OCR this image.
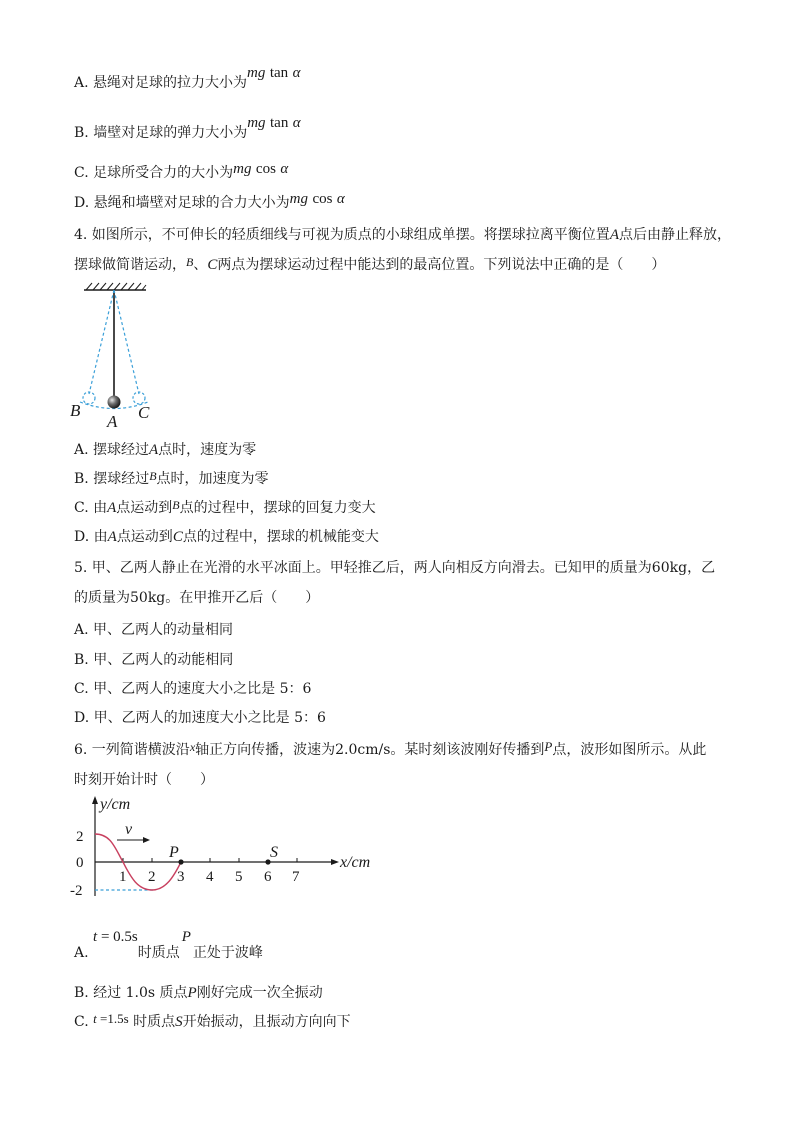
A. 悬绳对足球的拉力大小为mg tan α
B. 墙壁对足球的弹力大小为mg tan α
C. 足球所受合力的大小为mg cos α
D. 悬绳和墙壁对足球的合力大小为mg cos α
4. 如图所示，不可伸长的轻质细线与可视为质点的小球组成单摆。将摆球拉离平衡位置A点后由静止释放，
摆球做简谐运动，B、C两点为摆球运动过程中能达到的最高位置。下列说法中正确的是（　　）
B
A C
A. 摆球经过A点时，速度为零
B. 摆球经过B点时，加速度为零
C. 由A点运动到B点的过程中，摆球的回复力变大
D. 由A点运动到C点的过程中，摆球的机械能变大
5. 甲、乙两人静止在光滑的水平冰面上。甲轻推乙后，两人向相反方向滑去。已知甲的质量为60kg，乙
的质量为50kg。在甲推开乙后（　　）
A. 甲、乙两人的动量相同
B. 甲、乙两人的动能相同
C. 甲、乙两人的速度大小之比是 5：6
D. 甲、乙两人的加速度大小之比是 5：6
6. 一列简谐横波沿x轴正方向传播，波速为2.0cm/s。某时刻该波刚好传播到P点，波形如图所示。从此
时刻开始计时（　　）
y/cm
x/cm
2
0
-2
1 2 3 4 5 6 7
v
P	S
A. t = 0.5s时质点P正处于波峰
B. 经过 1.0s 质点P刚好完成一次全振动
C. t =1.5s 时质点S开始振动，且振动方向向下
